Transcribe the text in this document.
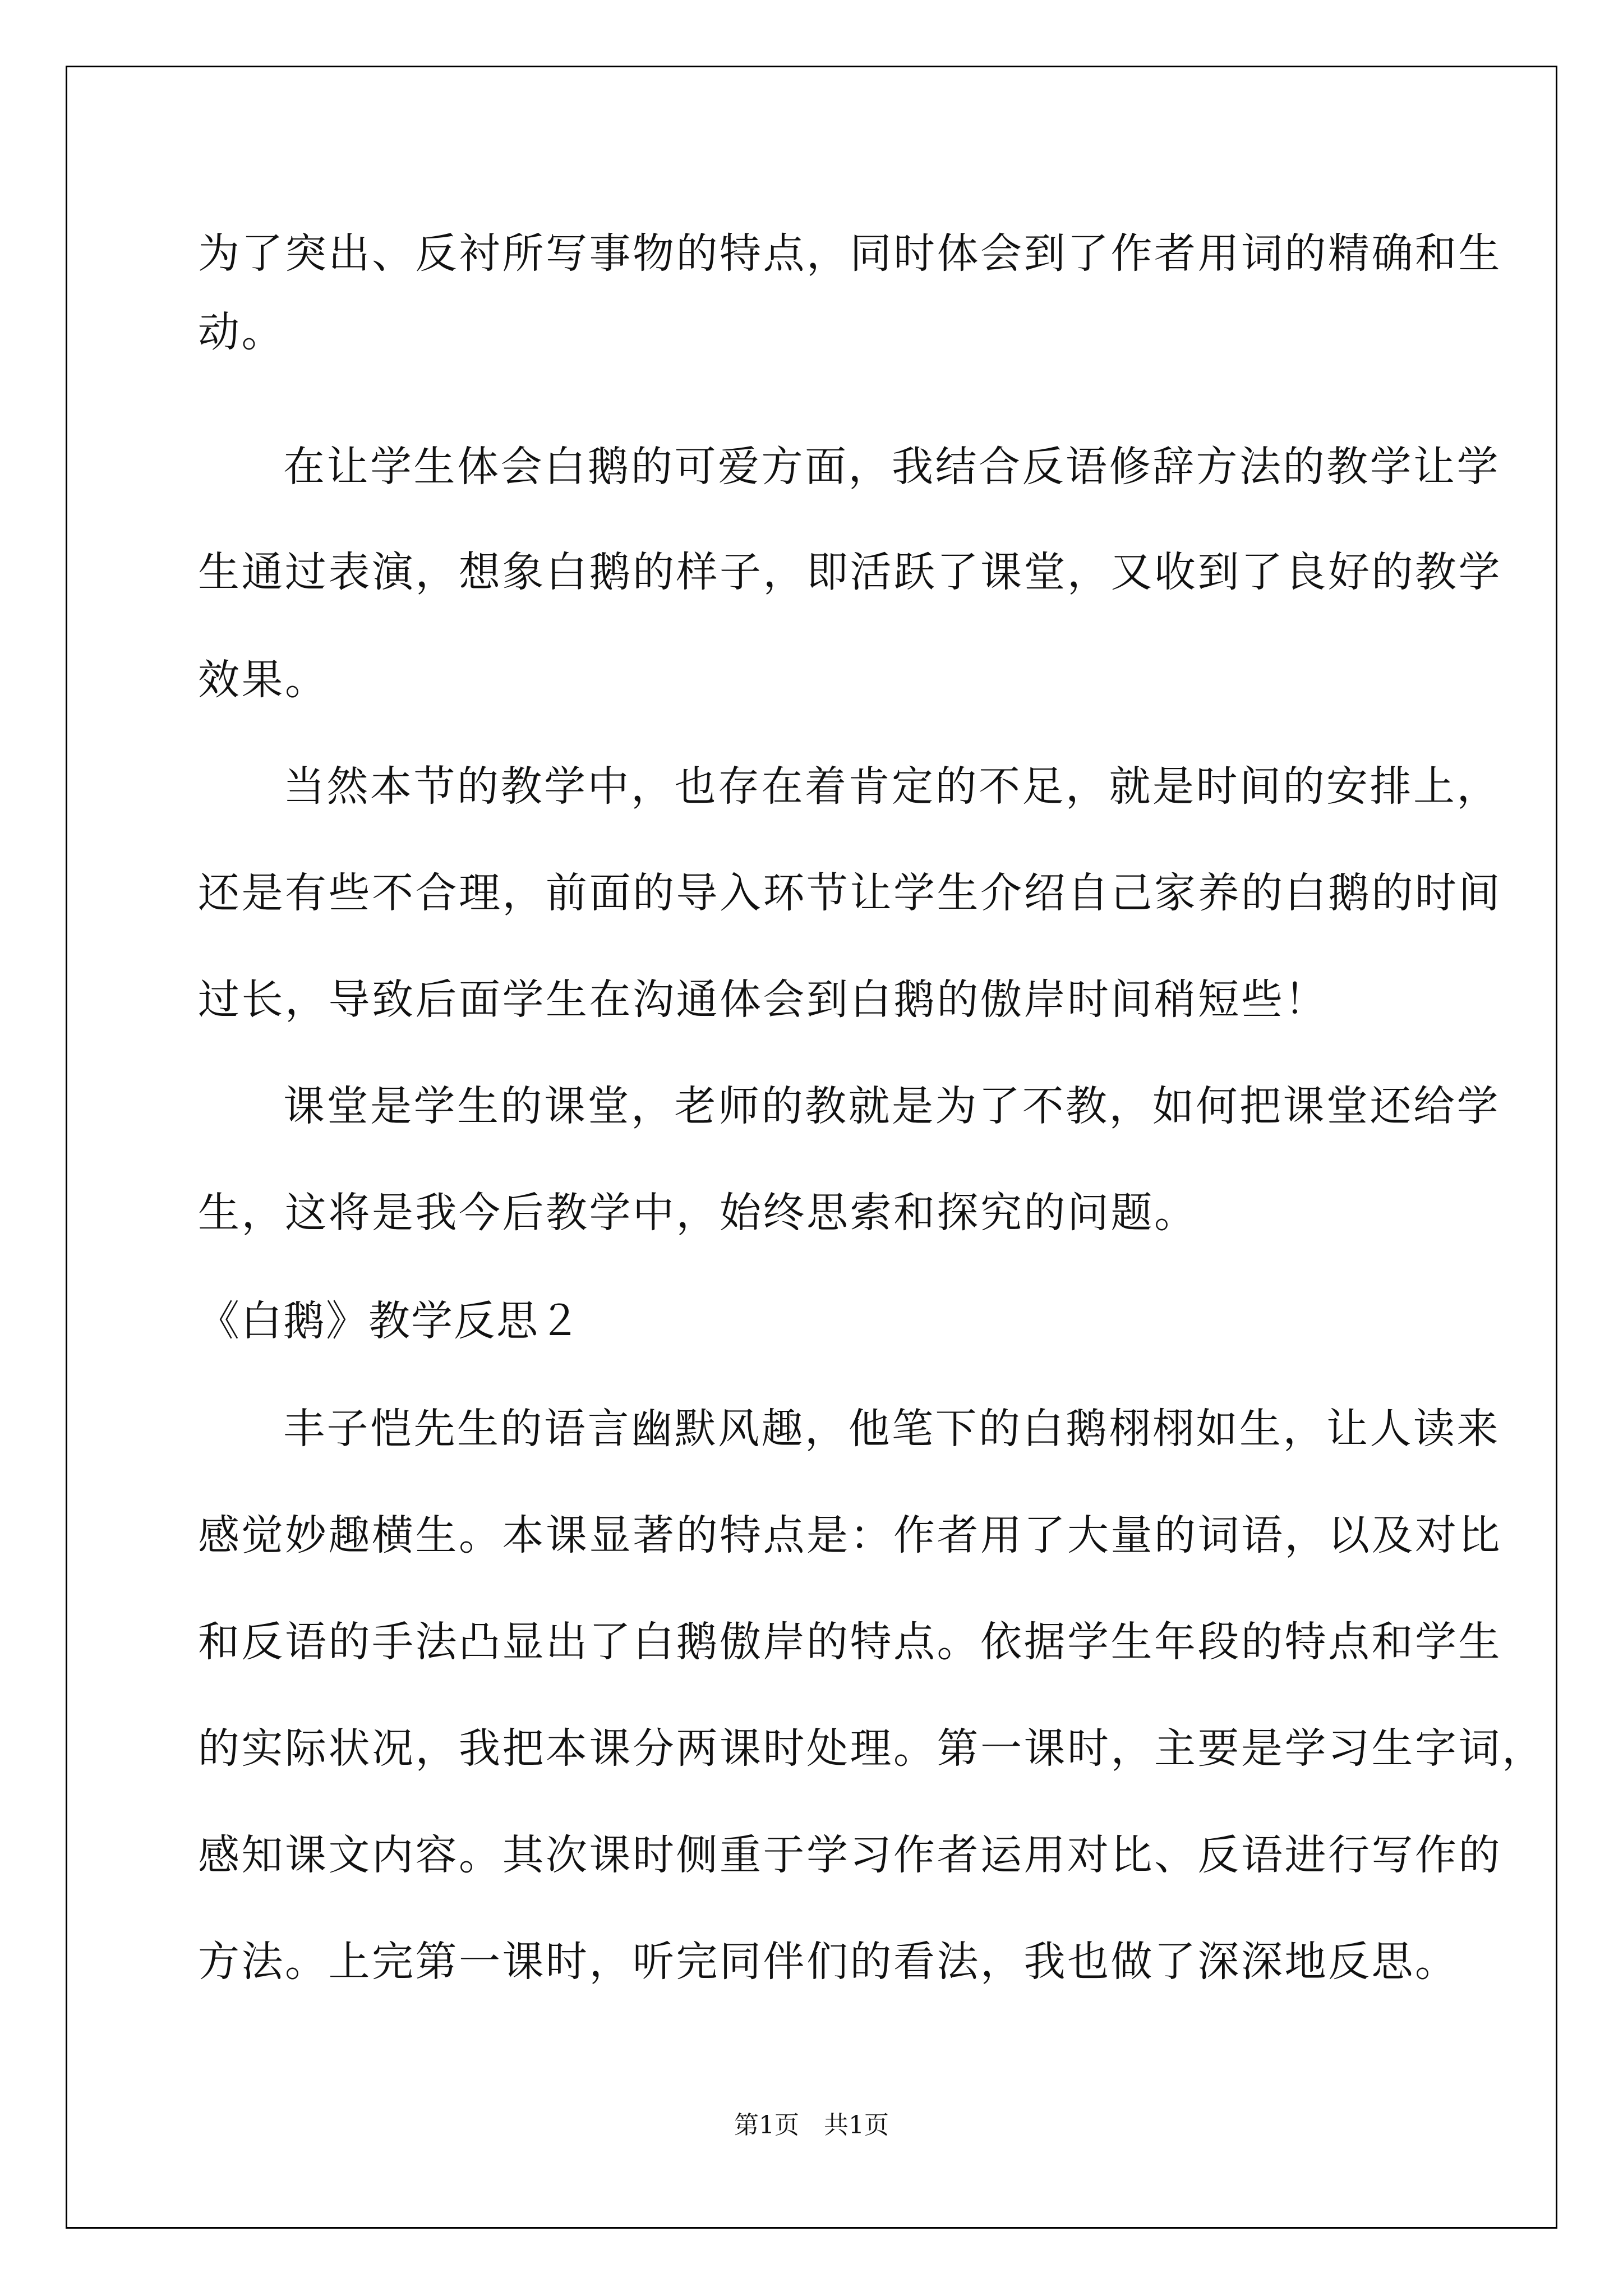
为了突出、反衬所写事物的特点，同时体会到了作者用词的精确和生
动。
在让学生体会白鹅的可爱方面，我结合反语修辞方法的教学让学
生通过表演，想象白鹅的样子，即活跃了课堂，又收到了良好的教学
效果。
当然本节的教学中，也存在着肯定的不足，就是时间的安排上，
还是有些不合理，前面的导入环节让学生介绍自己家养的白鹅的时间
过长，导致后面学生在沟通体会到白鹅的傲岸时间稍短些！
课堂是学生的课堂，老师的教就是为了不教，如何把课堂还给学
生，这将是我今后教学中，始终思索和探究的问题。
《白鹅》教学反思２
丰子恺先生的语言幽默风趣，他笔下的白鹅栩栩如生，让人读来
感觉妙趣横生。本课显著的特点是：作者用了大量的词语，以及对比
和反语的手法凸显出了白鹅傲岸的特点。依据学生年段的特点和学生
的实际状况，我把本课分两课时处理。第一课时，主要是学习生字词，
感知课文内容。其次课时侧重于学习作者运用对比、反语进行写作的
方法。上完第一课时，听完同伴们的看法，我也做了深深地反思。
第1页　共1页
